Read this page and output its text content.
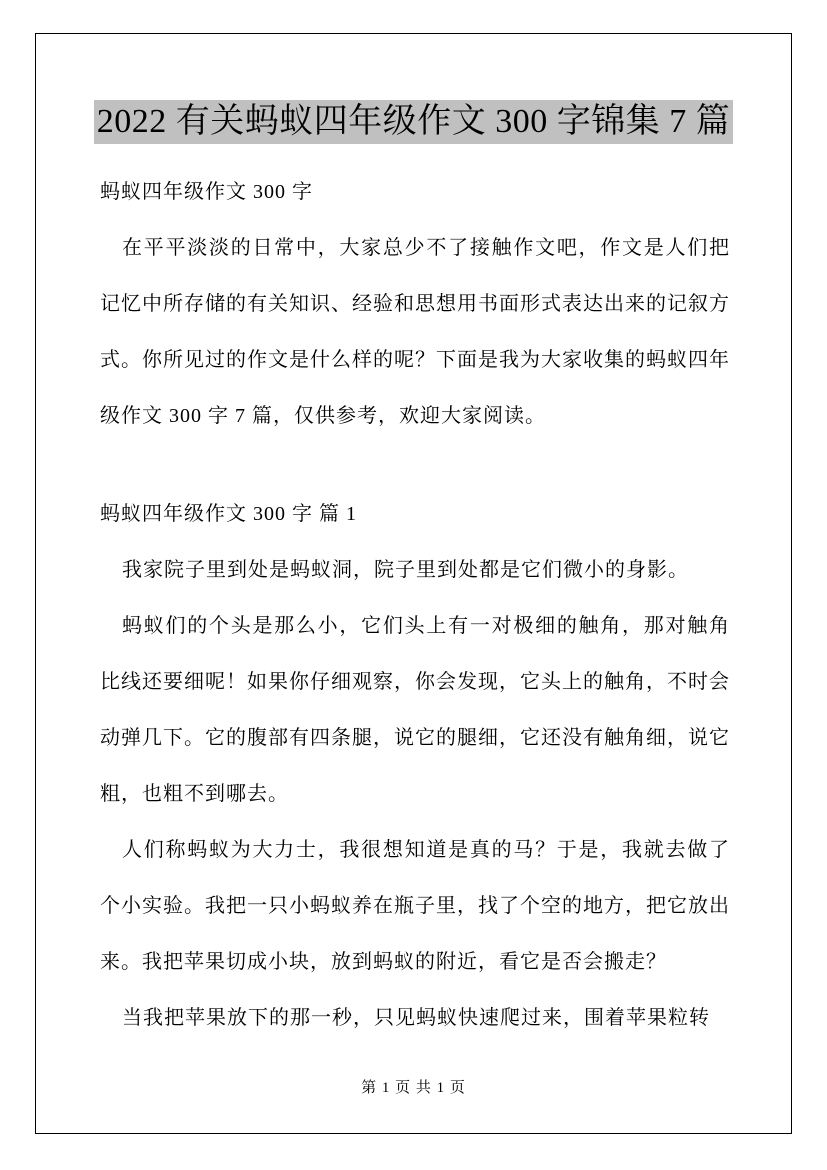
2022 有关蚂蚁四年级作文 300 字锦集 7 篇
蚂蚁四年级作文 300 字

在平平淡淡的日常中，大家总少不了接触作文吧，作文是人们把记忆中所存储的有关知识、经验和思想用书面形式表达出来的记叙方式。你所见过的作文是什么样的呢？下面是我为大家收集的蚂蚁四年级作文 300 字 7 篇，仅供参考，欢迎大家阅读。

蚂蚁四年级作文 300 字 篇 1

我家院子里到处是蚂蚁洞，院子里到处都是它们微小的身影。

蚂蚁们的个头是那么小，它们头上有一对极细的触角，那对触角比线还要细呢！如果你仔细观察，你会发现，它头上的触角，不时会动弹几下。它的腹部有四条腿，说它的腿细，它还没有触角细，说它粗，也粗不到哪去。

人们称蚂蚁为大力士，我很想知道是真的马？于是，我就去做了个小实验。我把一只小蚂蚁养在瓶子里，找了个空的地方，把它放出来。我把苹果切成小块，放到蚂蚁的附近，看它是否会搬走？

当我把苹果放下的那一秒，只见蚂蚁快速爬过来，围着苹果粒转

第 1 页 共 1 页
